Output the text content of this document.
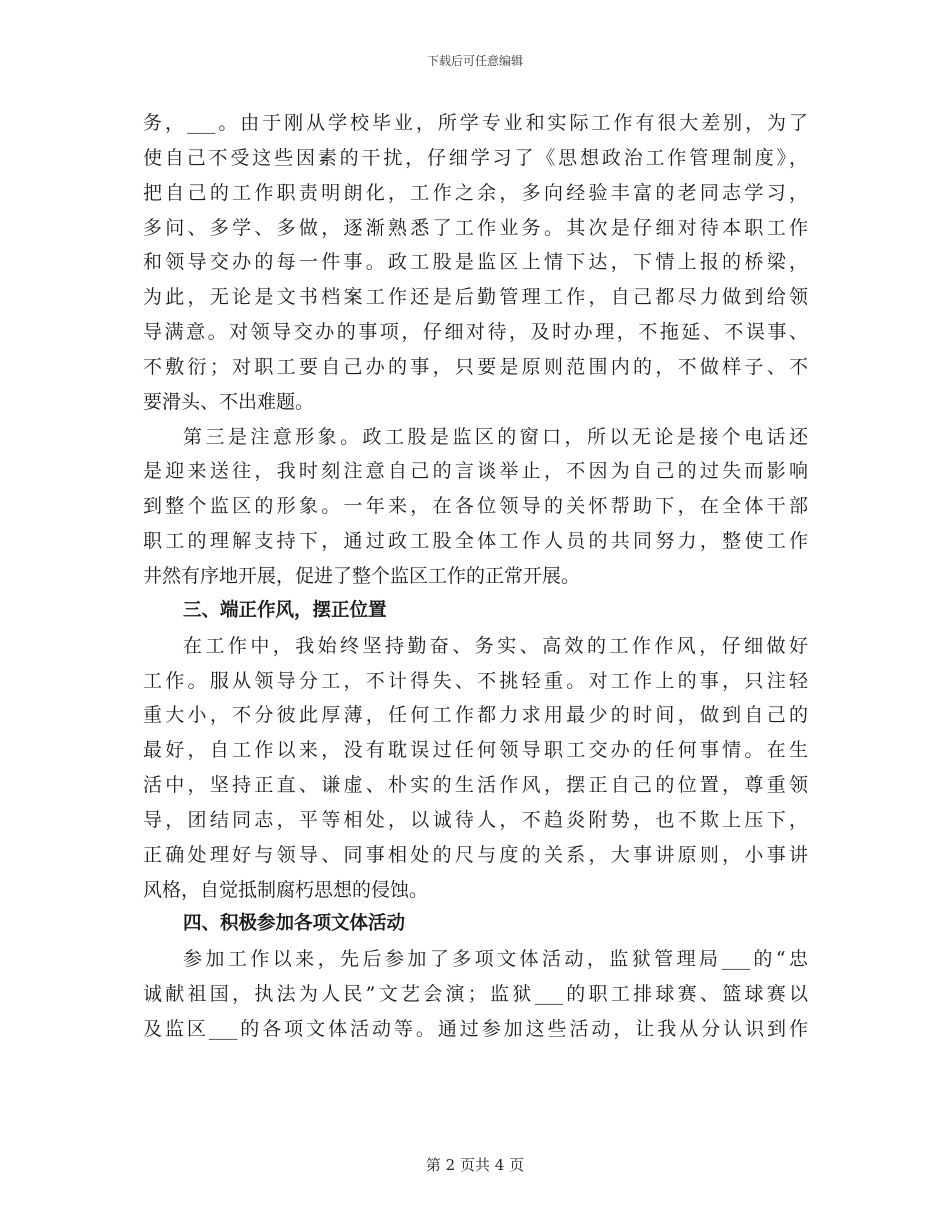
下载后可任意编辑
务，___。由于刚从学校毕业，所学专业和实际工作有很大差别，为了
使自己不受这些因素的干扰，仔细学习了《思想政治工作管理制度》，
把自己的工作职责明朗化，工作之余，多向经验丰富的老同志学习，
多问、多学、多做，逐渐熟悉了工作业务。其次是仔细对待本职工作
和领导交办的每一件事。政工股是监区上情下达，下情上报的桥梁，
为此，无论是文书档案工作还是后勤管理工作，自己都尽力做到给领
导满意。对领导交办的事项，仔细对待，及时办理，不拖延、不误事、
不敷衍；对职工要自己办的事，只要是原则范围内的，不做样子、不
要滑头、不出难题。
第三是注意形象。政工股是监区的窗口，所以无论是接个电话还
是迎来送往，我时刻注意自己的言谈举止，不因为自己的过失而影响
到整个监区的形象。一年来，在各位领导的关怀帮助下，在全体干部
职工的理解支持下，通过政工股全体工作人员的共同努力，整使工作
井然有序地开展，促进了整个监区工作的正常开展。
三、端正作风，摆正位置
在工作中，我始终坚持勤奋、务实、高效的工作作风，仔细做好
工作。服从领导分工，不计得失、不挑轻重。对工作上的事，只注轻
重大小，不分彼此厚薄，任何工作都力求用最少的时间，做到自己的
最好，自工作以来，没有耽误过任何领导职工交办的任何事情。在生
活中，坚持正直、谦虚、朴实的生活作风，摆正自己的位置，尊重领
导，团结同志，平等相处，以诚待人，不趋炎附势，也不欺上压下，
正确处理好与领导、同事相处的尺与度的关系，大事讲原则，小事讲
风格，自觉抵制腐朽思想的侵蚀。
四、积极参加各项文体活动
参加工作以来，先后参加了多项文体活动，监狱管理局___的“忠
诚献祖国，执法为人民”文艺会演；监狱___的职工排球赛、篮球赛以
及监区___的各项文体活动等。通过参加这些活动，让我从分认识到作
第 2 页共 4 页
